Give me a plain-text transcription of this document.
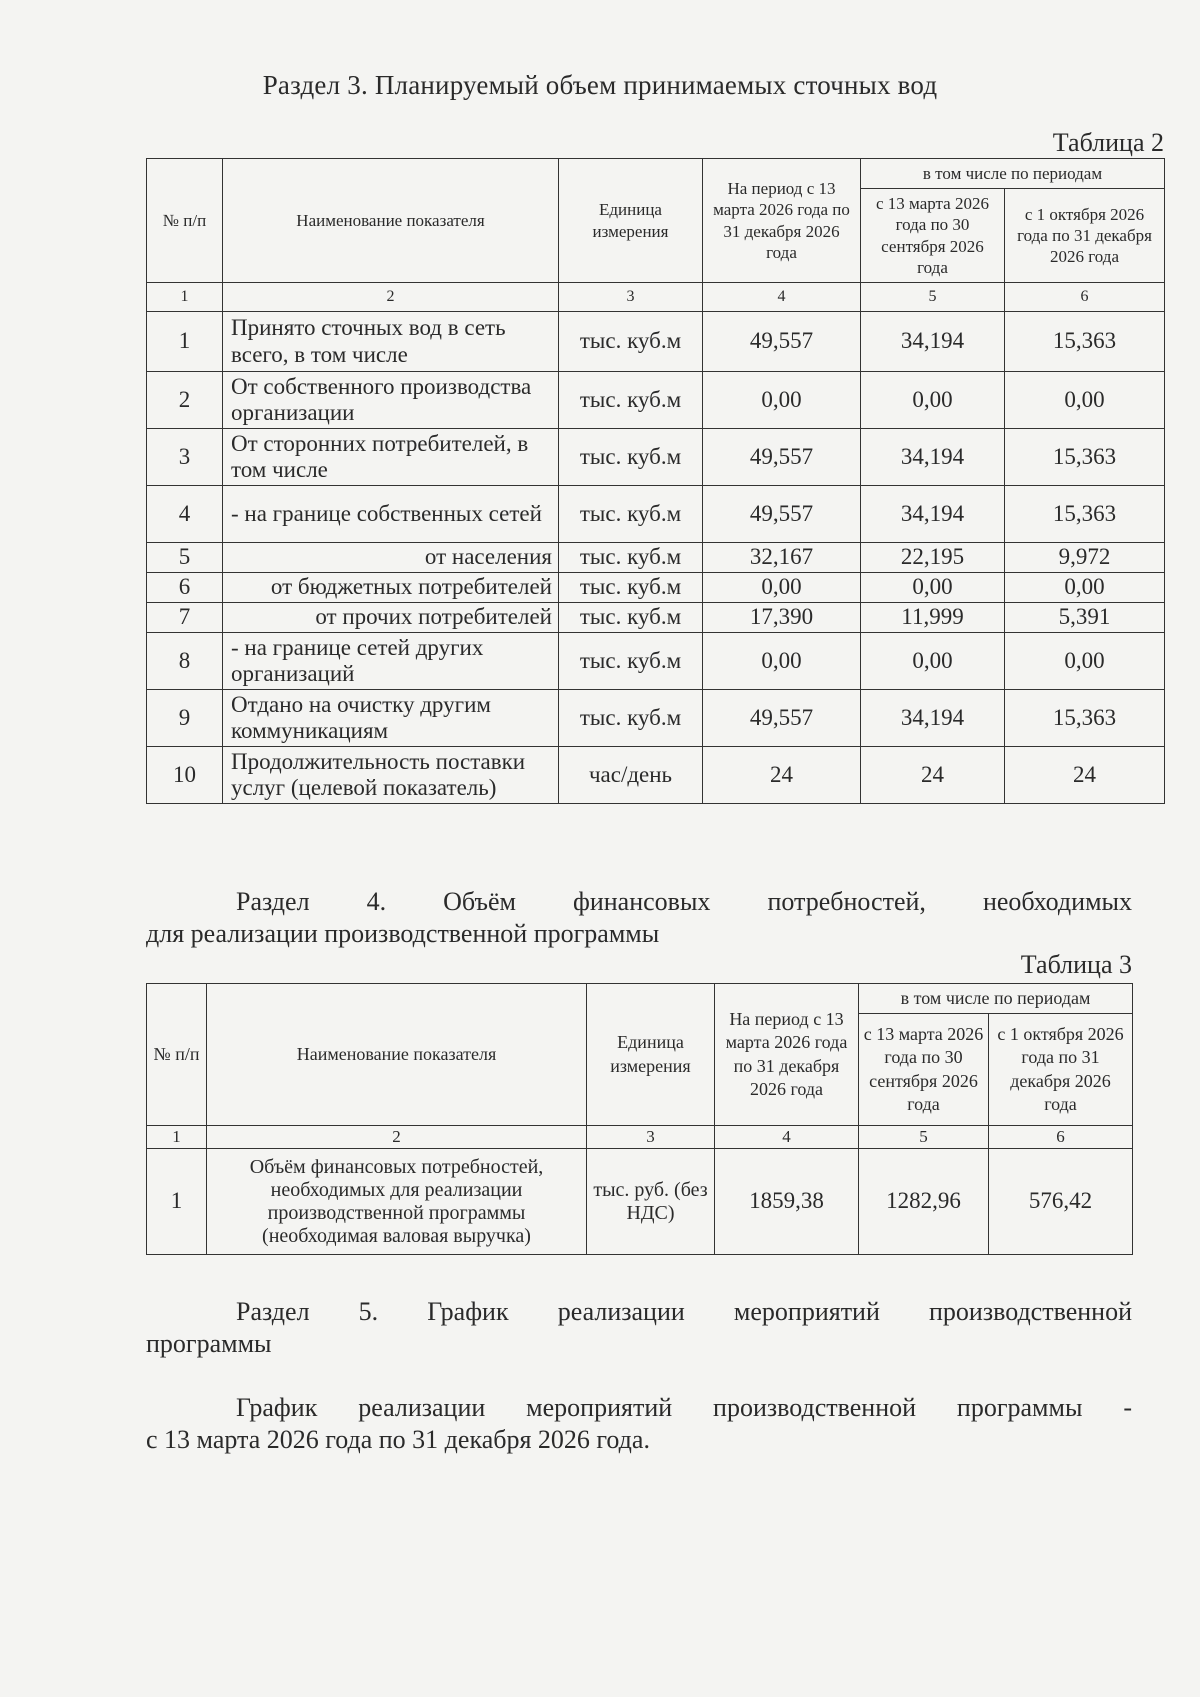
Раздел 3. Планируемый объем принимаемых сточных вод
Таблица 2
№ п/п	Наименование показателя	Единица измерения	На период с 13 марта 2026 года по 31 декабря 2026 года	в том числе по периодам	
				с 13 марта 2026 года по 30 сентября 2026 года	с 1 октября 2026 года по 31 декабря 2026 года
1	2	3	4	5	6
1	Принято сточных вод в сеть всего, в том числе	тыс. куб.м	49,557	34,194	15,363
2	От собственного производства организации	тыс. куб.м	0,00	0,00	0,00
3	От сторонних потребителей, в том числе	тыс. куб.м	49,557	34,194	15,363
4	- на границе собственных сетей	тыс. куб.м	49,557	34,194	15,363
5	от населения	тыс. куб.м	32,167	22,195	9,972
6	от бюджетных потребителей	тыс. куб.м	0,00	0,00	0,00
7	от прочих потребителей	тыс. куб.м	17,390	11,999	5,391
8	- на границе сетей других организаций	тыс. куб.м	0,00	0,00	0,00
9	Отдано на очистку другим коммуникациям	тыс. куб.м	49,557	34,194	15,363
10	Продолжительность поставки услуг (целевой показатель)	час/день	24	24	24
Раздел 4. Объём финансовых потребностей, необходимых
для реализации производственной программы
Таблица 3
№ п/п	Наименование показателя	Единица измерения	На период с 13 марта 2026 года по 31 декабря 2026 года	в том числе по периодам	
				с 13 марта 2026 года по 30 сентября 2026 года	с 1 октября 2026 года по 31 декабря 2026 года
1	2	3	4	5	6
1	Объём финансовых потребностей, необходимых для реализации производственной программы (необходимая валовая выручка)	тыс. руб. (без НДС)	1859,38	1282,96	576,42
Раздел 5. График реализации мероприятий производственной
программы
График реализации мероприятий производственной программы -
с 13 марта 2026 года по 31 декабря 2026 года.
